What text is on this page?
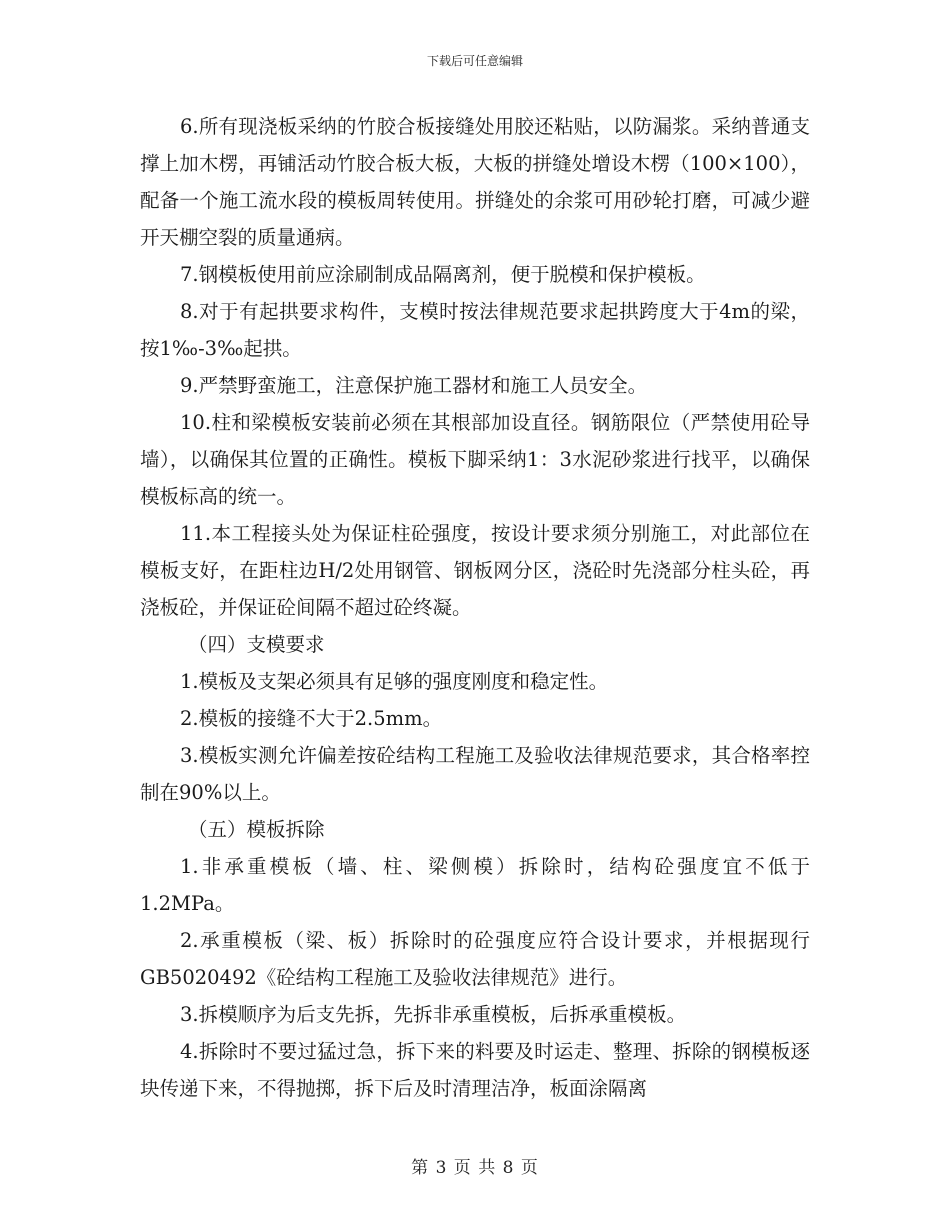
下载后可任意编辑

6.所有现浇板采纳的竹胶合板接缝处用胶还粘贴，以防漏浆。采纳普通支撑上加木楞，再铺活动竹胶合板大板，大板的拼缝处增设木楞（100×100），配备一个施工流水段的模板周转使用。拼缝处的余浆可用砂轮打磨，可减少避开天棚空裂的质量通病。

7.钢模板使用前应涂刷制成品隔离剂，便于脱模和保护模板。

8.对于有起拱要求构件，支模时按法律规范要求起拱跨度大于4m的梁，按1‰-3‰起拱。

9.严禁野蛮施工，注意保护施工器材和施工人员安全。

10.柱和梁模板安装前必须在其根部加设直径。钢筋限位（严禁使用砼导墙），以确保其位置的正确性。模板下脚采纳1：3水泥砂浆进行找平，以确保模板标高的统一。

11.本工程接头处为保证柱砼强度，按设计要求须分别施工，对此部位在模板支好，在距柱边H/2处用钢管、钢板网分区，浇砼时先浇部分柱头砼，再浇板砼，并保证砼间隔不超过砼终凝。

（四）支模要求

1.模板及支架必须具有足够的强度刚度和稳定性。

2.模板的接缝不大于2.5mm。

3.模板实测允许偏差按砼结构工程施工及验收法律规范要求，其合格率控制在90%以上。

（五）模板拆除

1.非承重模板（墙、柱、梁侧模）拆除时，结构砼强度宜不低于1.2MPa。

2.承重模板（梁、板）拆除时的砼强度应符合设计要求，并根据现行GB5020492《砼结构工程施工及验收法律规范》进行。

3.拆模顺序为后支先拆，先拆非承重模板，后拆承重模板。

4.拆除时不要过猛过急，拆下来的料要及时运走、整理、拆除的钢模板逐块传递下来，不得抛掷，拆下后及时清理洁净，板面涂隔离

第 3 页 共 8 页
